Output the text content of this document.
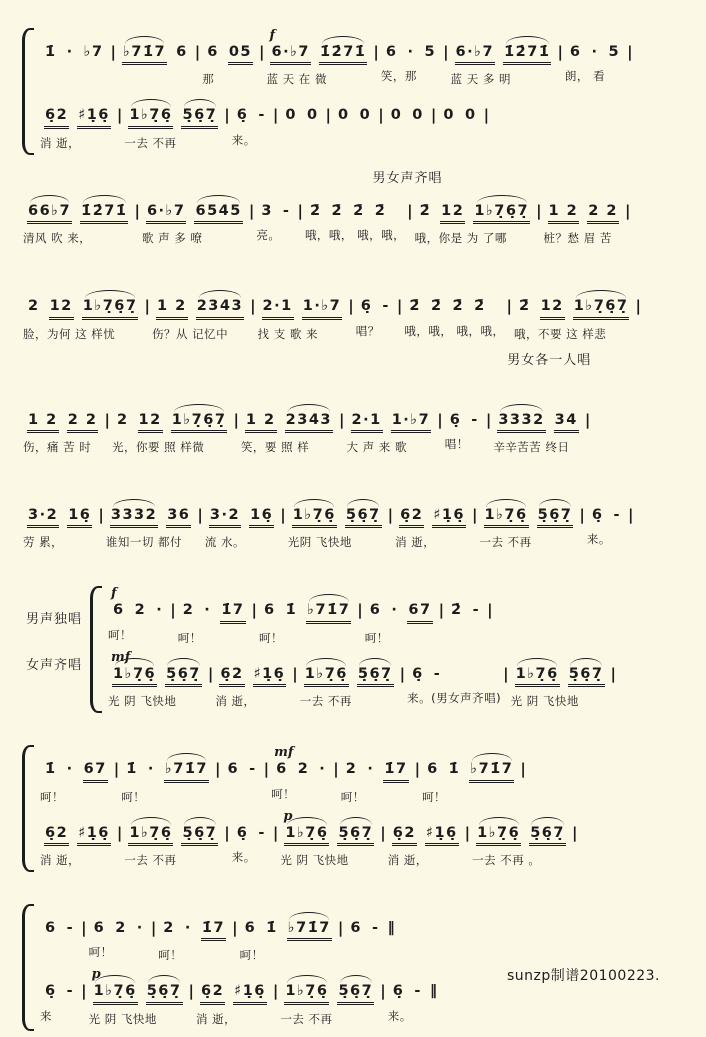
1̇ · ♭7 | ♭71̇7 6 | 6 05
那
|
f
6·♭7 1̇2̇71̇
蓝 天 在 微
| 6 · 5
笑，那
| 6·♭7 1̇2̇71̇
蓝 天 多 明
| 6 · 5
朗， 看
|
6̣2 ♯1̣6̣
消 逝，
| 1♭7̣6̣ 5̣6̣7̣
一去 不再
| 6̣ -
来。
| 0 0 | 0 0 | 0 0 | 0 0 |
男女声齐唱
66♭7 1̇2̇71̇
清风 吹 来，
| 6·♭7 6545
歌 声 多 嘹
| 3 -
亮。
| 2̄ 2̄ 2̄ 2̄
哦，哦， 哦，哦，
| 2̄ 12 1♭7̣6̣7̣
哦，你是 为 了哪
| 1 2 2 2
桩？愁 眉 苦
|
2 12 1♭7̣6̣7̣
脸，为何 这 样忧
| 1 2 2343
伤？从 记忆中
| 2·1 1·♭7
找 支 歌 来
| 6̣ -
唱？
| 2̄ 2̄ 2̄ 2̄
哦，哦， 哦，哦，
| 2̄ 12 1♭7̣6̣7̣
哦，不要 这 样悲
|
男女各一人唱
1 2 2 2
伤，痛 苦 时
| 2 12 1♭7̣6̣7̣
光，你要 照 样微
| 1 2 2343
笑，要 照 样
| 2·1 1·♭7
大 声 来 歌
| 6̣ -
唱！
| 3332 34
辛辛苦苦 终日
|
3·2 16̣
劳 累，
| 3332 36
谁知一切 都付
| 3·2 16̣
流 水。
| 1♭7̣6̣ 5̣6̣7̣
光阴 飞快地
| 6̣2 ♯1̣6̣
消 逝，
| 1♭7̣6̣ 5̣6̣7̣
一去 不再
| 6̣ -
来。
|
男声独唱
女声齐唱
f
6 2 ·
呵！
| 2 · 1̇7
呵！
| 6 1̇ ♭71̇7
呵！
| 6 · 67
呵！
| 2̇ - |
mf
1♭7̣6̣ 5̣6̣7̣
光 阴 飞快地
| 6̣2 ♯1̣6̣
消 逝，
| 1♭7̣6̣ 5̣6̣7̣
一去 不再
| 6̣ -
来。(男女声齐唱)
| 1♭7̣6̣ 5̣6̣7̣
光 阴 飞快地
|
1̇ · 67
呵！
| 1̇ · ♭71̇7
呵！
| 6 - |
mf
6 2 ·
呵！
| 2 · 1̇7
呵！
| 6 1̇ ♭71̇7
呵！
|
6̣2 ♯1̣6̣
消 逝，
| 1♭7̣6̣ 5̣6̣7̣
一去 不再
| 6̣ -
来。
|
p
1♭7̣6̣ 5̣6̣7̣
光 阴 飞快地
| 6̣2 ♯1̣6̣
消 逝，
| 1♭7̣6̣ 5̣6̣7̣
一去 不再 。
|
6 - | 6 2 ·
呵！
| 2 · 1̇7
呵！
| 6 1̇ ♭71̇7
呵！
| 6 - ‖
6̣ -
来
|
p
1♭7̣6̣ 5̣6̣7̣
光 阴 飞快地
| 6̣2 ♯1̣6̣
消 逝，
| 1♭7̣6̣ 5̣6̣7̣
一去 不再
| 6̣ - ‖
来。
sunzp制谱20100223.
